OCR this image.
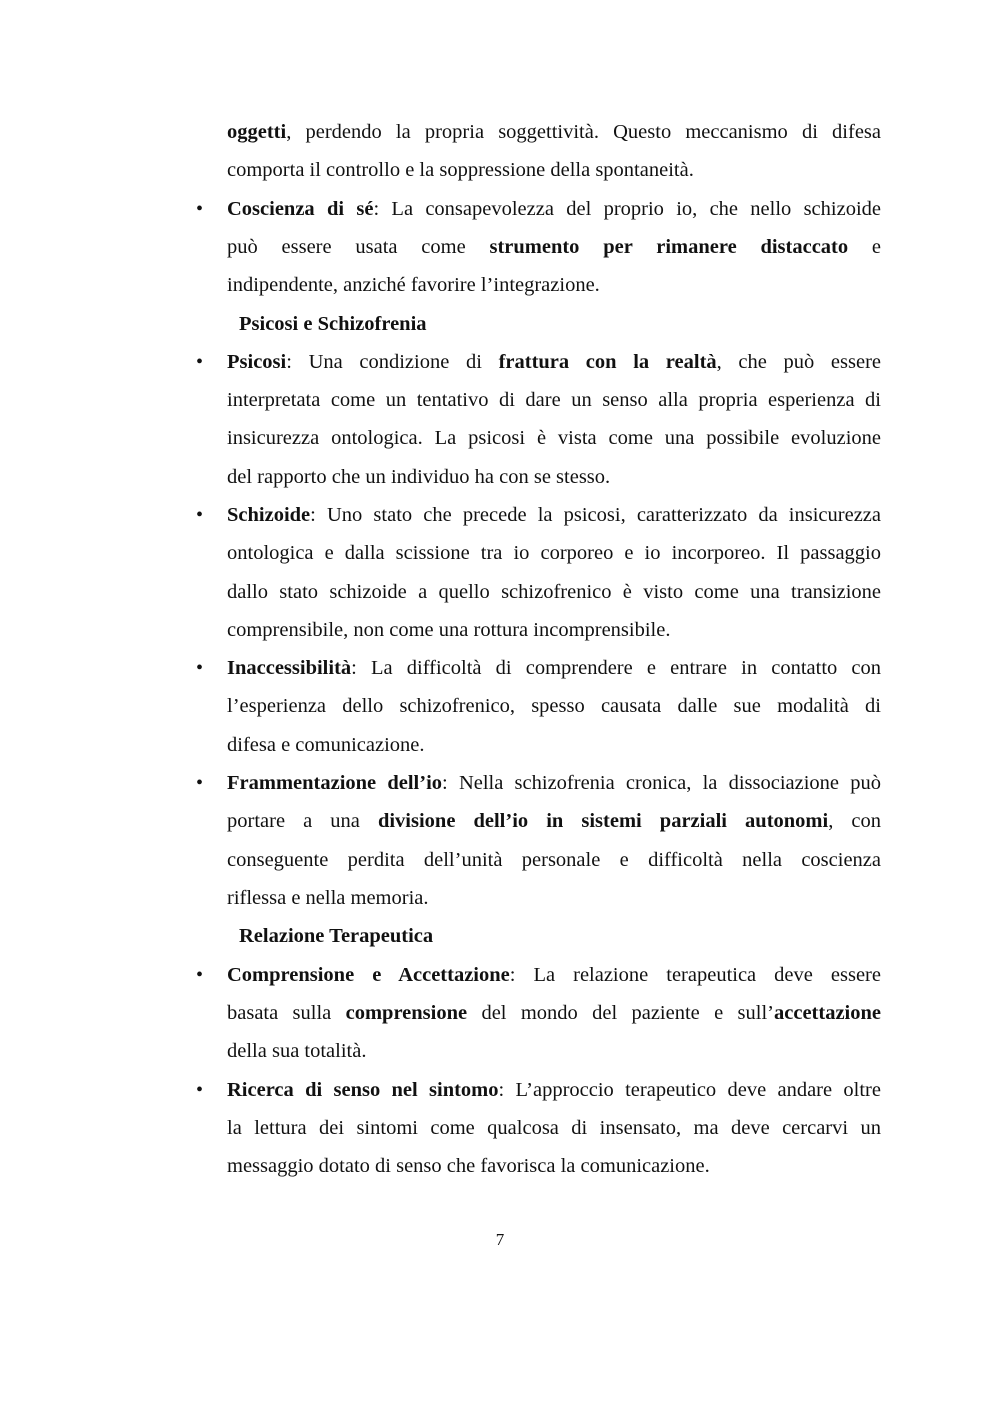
oggetti, perdendo la propria soggettività. Questo meccanismo di difesa
comporta il controllo e la soppressione della spontaneità.
•	Coscienza di sé: La consapevolezza del proprio io, che nello schizoide
può essere usata come strumento per rimanere distaccato e
indipendente, anziché favorire l’integrazione.
Psicosi e Schizofrenia
•	Psicosi: Una condizione di frattura con la realtà, che può essere
interpretata come un tentativo di dare un senso alla propria esperienza di
insicurezza ontologica. La psicosi è vista come una possibile evoluzione
del rapporto che un individuo ha con se stesso.
•	Schizoide: Uno stato che precede la psicosi, caratterizzato da insicurezza
ontologica e dalla scissione tra io corporeo e io incorporeo. Il passaggio
dallo stato schizoide a quello schizofrenico è visto come una transizione
comprensibile, non come una rottura incomprensibile.
•	Inaccessibilità: La difficoltà di comprendere e entrare in contatto con
l’esperienza dello schizofrenico, spesso causata dalle sue modalità di
difesa e comunicazione.
•	Frammentazione dell’io: Nella schizofrenia cronica, la dissociazione può
portare a una divisione dell’io in sistemi parziali autonomi, con
conseguente perdita dell’unità personale e difficoltà nella coscienza
riflessa e nella memoria.
Relazione Terapeutica
•	Comprensione e Accettazione: La relazione terapeutica deve essere
basata sulla comprensione del mondo del paziente e sull’accettazione
della sua totalità.
•	Ricerca di senso nel sintomo: L’approccio terapeutico deve andare oltre
la lettura dei sintomi come qualcosa di insensato, ma deve cercarvi un
messaggio dotato di senso che favorisca la comunicazione.
7
